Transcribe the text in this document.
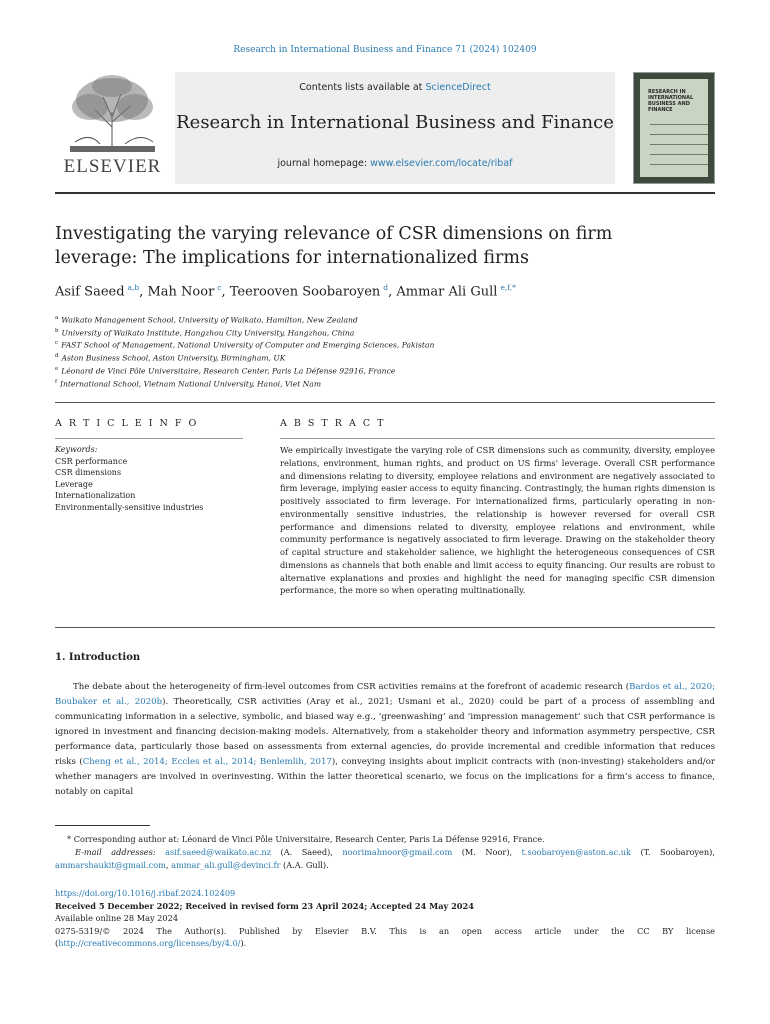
Research in International Business and Finance 71 (2024) 102409
ELSEVIER
Contents lists available at ScienceDirect
Research in International Business and Finance
journal homepage: www.elsevier.com/locate/ribaf
RESEARCH IN INTERNATIONAL BUSINESS AND FINANCE
Investigating the varying relevance of CSR dimensions on firm leverage: The implications for internationalized firms
Asif Saeed $^{a,b}$, Mah Noor $^c$, Teerooven Soobaroyen $^d$, Ammar Ali Gull $^{e,f,*}$
$^a$ Waikato Management School, University of Waikato, Hamilton, New Zealand
$^b$ University of Waikato Institute, Hangzhou City University, Hangzhou, China
$^c$ FAST School of Management, National University of Computer and Emerging Sciences, Pakistan
$^d$ Aston Business School, Aston University, Birmingham, UK
$^e$ Léonard de Vinci Pôle Universitaire, Research Center, Paris La Défense 92916, France
$^f$ International School, Vietnam National University, Hanoi, Viet Nam
A R T I C L E I N F O
Keywords:
CSR performance
CSR dimensions
Leverage
Internationalization
Environmentally-sensitive industries
A B S T R A C T
We empirically investigate the varying role of CSR dimensions such as community, diversity, employee relations, environment, human rights, and product on US firms' leverage. Overall CSR performance and dimensions relating to diversity, employee relations and environment are negatively associated to firm leverage, implying easier access to equity financing. Contrastingly, the human rights dimension is positively associated to firm leverage. For internationalized firms, particularly operating in non-environmentally sensitive industries, the relationship is however reversed for overall CSR performance and dimensions related to diversity, employee relations and environment, while community performance is negatively associated to firm leverage. Drawing on the stakeholder theory of capital structure and stakeholder salience, we highlight the heterogeneous consequences of CSR dimensions as channels that both enable and limit access to equity financing. Our results are robust to alternative explanations and proxies and highlight the need for managing specific CSR dimension performance, the more so when operating multinationally.
1. Introduction
The debate about the heterogeneity of firm-level outcomes from CSR activities remains at the forefront of academic research (Bardos et al., 2020; Boubaker et al., 2020b). Theoretically, CSR activities (Aray et al., 2021; Usmani et al., 2020) could be part of a process of assembling and communicating information in a selective, symbolic, and biased way e.g., ‘greenwashing’ and ‘impression management’ such that CSR performance is ignored in investment and financing decision-making models. Alternatively, from a stakeholder theory and information asymmetry perspective, CSR performance data, particularly those based on assessments from external agencies, do provide incremental and credible information that reduces risks (Cheng et al., 2014; Eccles et al., 2014; Benlemlih, 2017), conveying insights about implicit contracts with (non-investing) stakeholders and/or whether managers are involved in overinvesting. Within the latter theoretical scenario, we focus on the implications for a firm’s access to finance, notably on capital
* Corresponding author at: Léonard de Vinci Pôle Universitaire, Research Center, Paris La Défense 92916, France.
E-mail addresses: asif.saeed@waikato.ac.nz (A. Saeed), noorimahnoor@gmail.com (M. Noor), t.soobaroyen@aston.ac.uk (T. Soobaroyen), ammarshaukit@gmail.com, ammar_ali.gull@devinci.fr (A.A. Gull).
https://doi.org/10.1016/j.ribaf.2024.102409
Received 5 December 2022; Received in revised form 23 April 2024; Accepted 24 May 2024
Available online 28 May 2024
0275-5319/© 2024 The Author(s). Published by Elsevier B.V. This is an open access article under the CC BY license
(http://creativecommons.org/licenses/by/4.0/).
